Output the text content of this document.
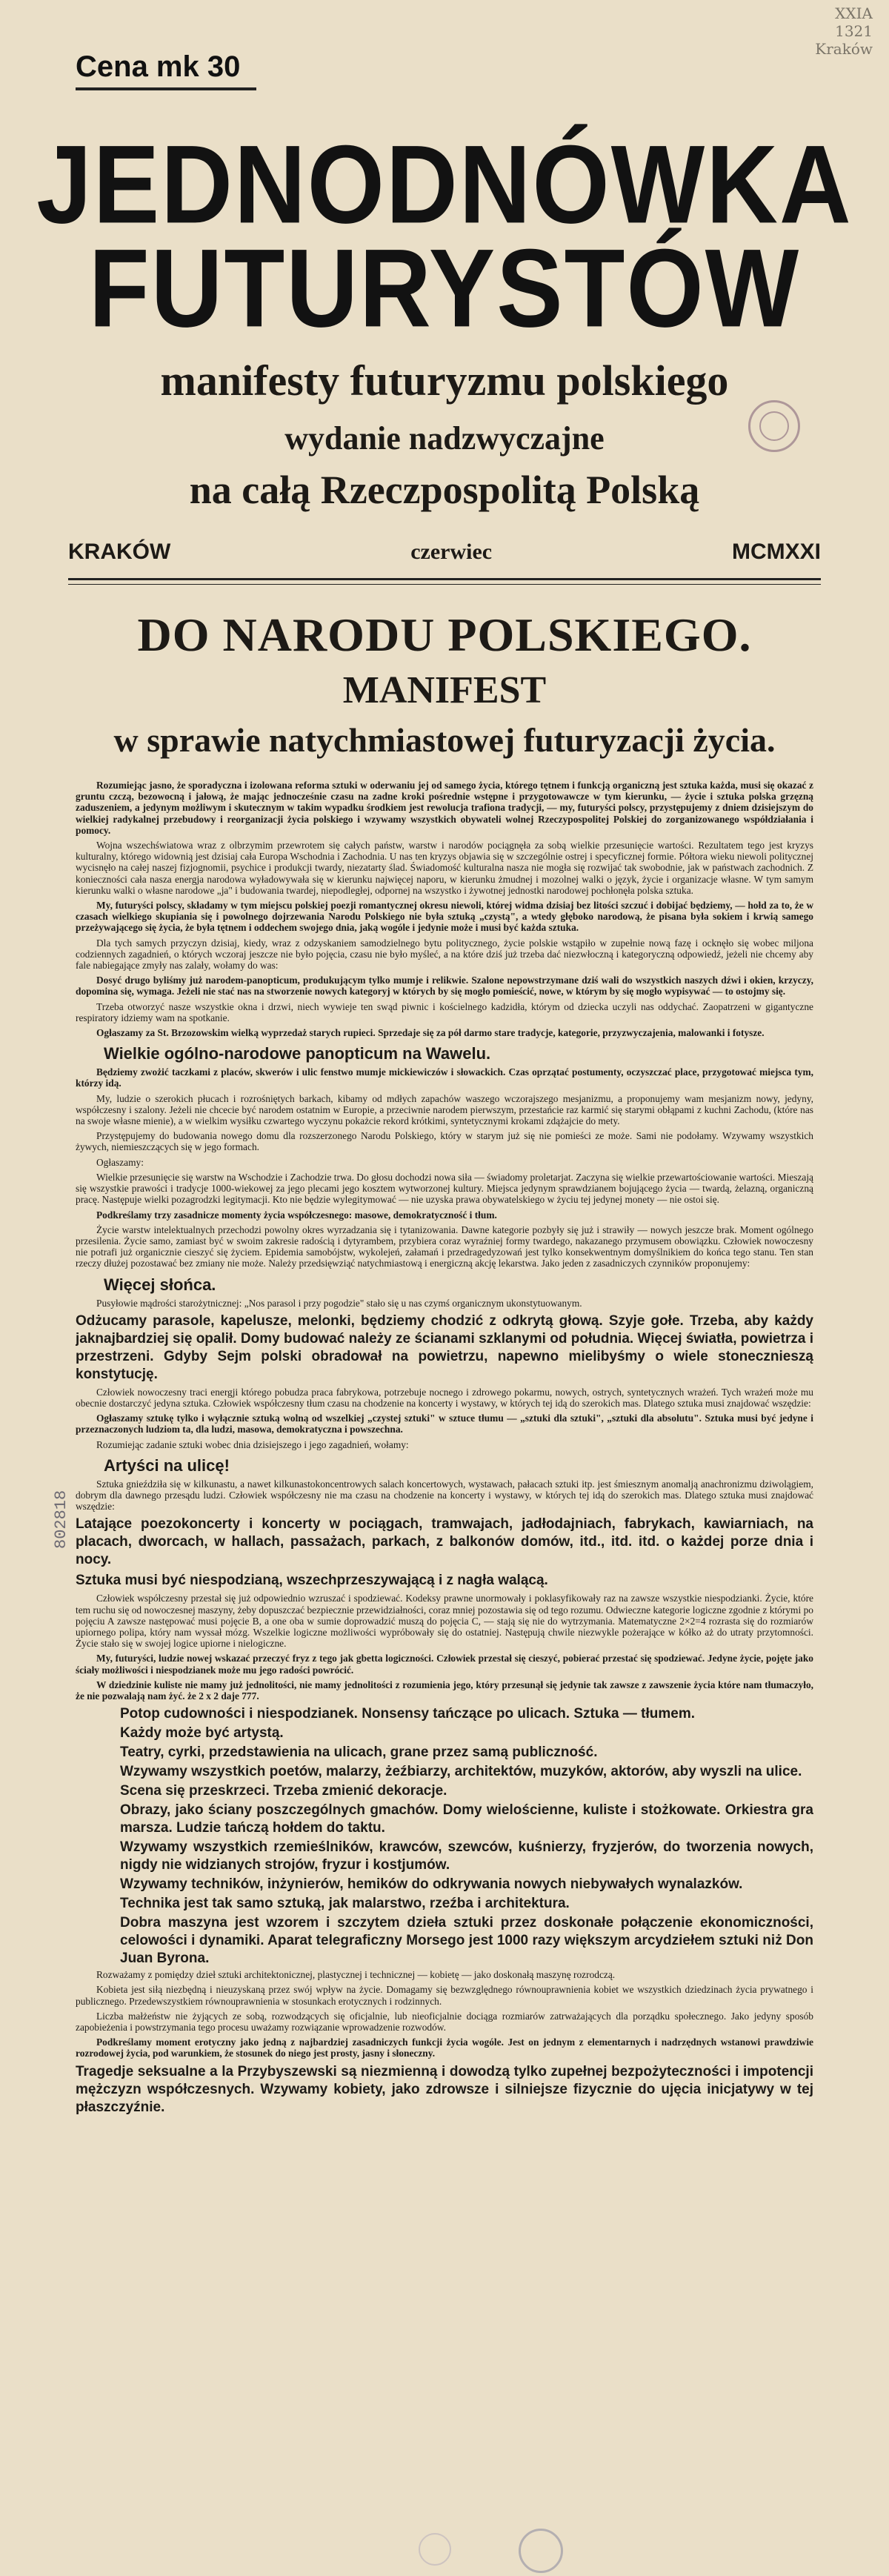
XXIA
1321
Kraków
Cena mk 30
JEDNODNÓWKA
FUTURYSTÓW
manifesty futuryzmu polskiego
wydanie nadzwyczajne
na całą Rzeczpospolitą Polską
KRAKÓW	czerwiec	MCMXXI
DO NARODU POLSKIEGO.
MANIFEST
w sprawie natychmiastowej futuryzacji życia.

Rozumiejąc jasno, że sporadyczna i izolowana reforma sztuki w oderwaniu jej od samego życia, którego tętnem i funkcją organiczną jest sztuka każda, musi się okazać z gruntu czczą, bezowocną i jałową, że mając jednocześnie czasu na zadne kroki pośrednie wstępne i przygotowawcze w tym kierunku, — życie i sztuka polska grzęzną zaduszeniem, a jedynym możliwym i skutecznym w takim wypadku środkiem jest rewolucja trafiona tradycji, — my, futuryści polscy, przystępujemy z dniem dzisiejszym do wielkiej radykalnej przebudowy i reorganizacji życia polskiego i wzywamy wszystkich obywateli wolnej Rzeczypospolitej Polskiej do zorganizowanego współdziałania i pomocy.

Wojna wszechświatowa wraz z olbrzymim przewrotem się całych państw, warstw i narodów pociągnęła za sobą wielkie przesunięcie wartości. Rezultatem tego jest kryzys kulturalny, którego widownią jest dzisiaj cała Europa Wschodnia i Zachodnia. U nas ten kryzys objawia się w szczególnie ostrej i specyficznej formie. Półtora wieku niewoli politycznej wycisnęło na całej naszej fizjognomii, psychice i produkcji twardy, niezatarty ślad. Świadomość kulturalna nasza nie mogła się rozwijać tak swobodnie, jak w państwach zachodnich. Z konieczności cała nasza energja narodowa wyładowywała się w kierunku najwięcej naporu, w kierunku żmudnej i mozolnej walki o język, życie i organizacje własne. W tym samym kierunku walki o własne narodowe „ja" i budowania twardej, niepodległej, odpornej na wszystko i żywotnej jednostki narodowej pochłonęła polska sztuka.

My, futuryści polscy, składamy w tym miejscu polskiej poezji romantycznej okresu niewoli, której widma dzisiaj bez litości szczuć i dobijać będziemy, — hołd za to, że w czasach wielkiego skupiania się i powolnego dojrzewania Narodu Polskiego nie była sztuką „czystą", a wtedy głęboko narodową, że pisana była sokiem i krwią samego przeżywającego się życia, że była tętnem i oddechem swojego dnia, jaką wogóle i jedynie może i musi być każda sztuka.

Dla tych samych przyczyn dzisiaj, kiedy, wraz z odzyskaniem samodzielnego bytu politycznego, życie polskie wstąpiło w zupełnie nową fazę i ocknęło się wobec miljona codziennych zagadnień, o których wczoraj jeszcze nie było pojęcia, czasu nie było myśleć, a na które dziś już trzeba dać niezwłoczną i kategoryczną odpowiedź, jeżeli nie chcemy aby fale nabiegające zmyły nas zalały, wołamy do was:

Dosyć drugo byliśmy już narodem-panopticum, produkującym tylko mumje i relikwie. Szalone nepowstrzymane dziś wali do wszystkich naszych dźwi i okien, krzyczy, dopomina się, wymaga. Jeżeli nie stać nas na stworzenie nowych kategoryj w których by się mogło pomieścić, nowe, w którym by się mogło wypisywać — to ostojmy się.

Trzeba otworzyć nasze wszystkie okna i drzwi, niech wywieje ten swąd piwnic i kościelnego kadzidła, którym od dziecka uczyli nas oddychać. Zaopatrzeni w gigantyczne respiratory idziemy wam na spotkanie.

Ogłaszamy za St. Brzozowskim wielką wyprzedaż starych rupieci. Sprzedaje się za pół darmo stare tradycje, kategorie, przyzwyczajenia, malowanki i fotysze.

Wielkie ogólno-narodowe panopticum na Wawelu.

Będziemy zwożić taczkami z placów, skwerów i ulic fenstwo mumje mickiewiczów i słowackich. Czas oprzątać postumenty, oczyszczać place, przygotować miejsca tym, którzy idą.

My, ludzie o szerokich płucach i rozrośniętych barkach, kibamy od mdłych zapachów waszego wczorajszego mesjanizmu, a proponujemy wam mesjanizm nowy, jedyny, współczesny i szalony. Jeżeli nie chcecie być narodem ostatnim w Europie, a przeciwnie narodem pierwszym, przestańcie raz karmić się starymi obłąpami z kuchni Zachodu, (które nas na swoje własne mienie), a w wielkim wysiłku czwartego wyczynu pokażcie rekord krótkimi, syntetycznymi krokami zdążajcie do mety.

Przystępujemy do budowania nowego domu dla rozszerzonego Narodu Polskiego, który w starym już się nie pomieści ze może. Sami nie podołamy. Wzywamy wszystkich żywych, niemieszczących się w jego formach.

Ogłaszamy:

Wielkie przesunięcie się warstw na Wschodzie i Zachodzie trwa. Do głosu dochodzi nowa siła — świadomy proletarjat. Zaczyna się wielkie przewartościowanie wartości. Mieszają się wszystkie prawości i tradycje 1000-wiekowej za jego plecami jego kosztem wytworzonej kultury. Miejsca jedynym sprawdzianem bojującego życia — twardą, żelazną, organiczną pracę. Następuje wielki pozagrodzki legitymacji. Kto nie będzie wylegitymować — nie uzyska prawa obywatelskiego w życiu tej jedynej monety — nie ostoi się.

Podkreślamy trzy zasadnicze momenty życia współczesnego: masowe, demokratyczność i tłum.

Życie warstw intelektualnych przechodzi powolny okres wyrzadzania się i tytanizowania. Dawne kategorie pozbyły się już i strawiły — nowych jeszcze brak. Moment ogólnego przesilenia. Życie samo, zamiast być w swoim zakresie radością i dytyrambem, przybiera coraz wyraźniej formy twardego, nakazanego przymusem obowiązku. Człowiek nowoczesny nie potrafi już organicznie cieszyć się życiem. Epidemia samobójstw, wykolejeń, załamań i przedragedyzowań jest tylko konsekwentnym domyślnikiem do końca tego stanu. Ten stan rzeczy dłużej pozostawać bez zmiany nie może. Należy przedsięwziąć natychmiastową i energiczną akcję lekarstwa. Jako jeden z zasadniczych czynników proponujemy:

Więcej słońca.

Pusyłowie mądrości starożytnicznej: „Nos parasol i przy pogodzie" stało się u nas czymś organicznym ukonstytuowanym.

Odżucamy parasole, kapelusze, melonki, będziemy chodzić z odkrytą głową. Szyje gołe. Trzeba, aby każdy jaknajbardziej się opalił. Domy budować należy ze ścianami szklanymi od południa. Więcej światła, powietrza i przestrzeni. Gdyby Sejm polski obradował na powietrzu, napewno mielibyśmy o wiele stonecznieszą konstytucję.

Człowiek nowoczesny traci energji którego pobudza praca fabrykowa, potrzebuje nocnego i zdrowego pokarmu, nowych, ostrych, syntetycznych wrażeń. Tych wrażeń może mu obecnie dostarczyć jedyna sztuka. Człowiek współczesny tłum czasu na chodzenie na koncerty i wystawy, w których tej idą do szerokich mas. Dlatego sztuka musi znajdować wszędzie:

Ogłaszamy sztukę tylko i wyłącznie sztuką wolną od wszelkiej „czystej sztuki" w sztuce tłumu — „sztuki dla sztuki", „sztuki dla absolutu". Sztuka musi być jedyne i przeznaczonych ludziom ta, dla ludzi, masowa, demokratyczna i powszechna.

Rozumiejąc zadanie sztuki wobec dnia dzisiejszego i jego zagadnień, wołamy:

Artyści na ulicę!

Sztuka gnieździła się w kilkunastu, a nawet kilkunastokoncentrowych salach koncertowych, wystawach, pałacach sztuki itp. jest śmiesznym anomalją anachronizmu dziwolągiem, dobrym dla dawnego przesądu ludzi. Człowiek współczesny nie ma czasu na chodzenie na koncerty i wystawy, w których tej idą do szerokich mas. Dlatego sztuka musi znajdować wszędzie:

Latające poezokoncerty i koncerty w pociągach, tramwajach, jadłodajniach, fabrykach, kawiarniach, na placach, dworcach, w hallach, passażach, parkach, z balkonów domów, itd., itd. itd. o każdej porze dnia i nocy.

Sztuka musi być niespodzianą, wszechprzeszywającą i z nagła walącą.

Człowiek współczesny przestał się już odpowiednio wzruszać i spodziewać. Kodeksy prawne unormowały i poklasyfikowały raz na zawsze wszystkie niespodzianki. Życie, które tem ruchu się od nowoczesnej maszyny, żeby dopuszczać bezpiecznie przewidziałności, coraz mniej pozostawia się od tego rozumu. Odwieczne kategorie logiczne zgodnie z którymi po pojęciu A zawsze następować musi pojęcie B, a one oba w sumie doprowadzić muszą do pojęcia C, — stają się nie do wytrzymania. Matematyczne 2×2=4 rozrasta się do rozmiarów upiornego polipa, który nam wyssał mózg. Wszelkie logiczne możliwości wypróbowały się do ostatniej. Następują chwile niezwykle pożerające w kółko aż do utraty przytomności. Życie stało się w swojej logice upiorne i nielogiczne.

My, futuryści, ludzie nowej wskazać przeczyć fryz z tego jak gbetta logiczności. Człowiek przestał się cieszyć, pobierać przestać się spodziewać. Jedyne życie, pojęte jako ściały możliwości i niespodzianek może mu jego radości powrócić.

W dziedzinie kuliste nie mamy już jednolitości, nie mamy jednolitości z rozumienia jego, który przesunął się jedynie tak zawsze z zawszenie życia które nam tłumaczyło, że nie pozwalają nam żyć. że 2 x 2 daje 777.

Potop cudowności i niespodzianek. Nonsensy tańczące po ulicach. Sztuka — tłumem.

Każdy może być artystą.

Teatry, cyrki, przedstawienia na ulicach, grane przez samą publiczność.

Wzywamy wszystkich poetów, malarzy, żeźbiarzy, architektów, muzyków, aktorów, aby wyszli na ulice.

Scena się przeskrzeci. Trzeba zmienić dekoracje.

Obrazy, jako ściany poszczególnych gmachów. Domy wielościenne, kuliste i stożkowate. Orkiestra gra marsza. Ludzie tańczą hołdem do taktu.

Wzywamy wszystkich rzemieślników, krawców, szewców, kuśnierzy, fryzjerów, do tworzenia nowych, nigdy nie widzianych strojów, fryzur i kostjumów.

Wzywamy techników, inżynierów, hemików do odkrywania nowych niebywałych wynalazków.

Technika jest tak samo sztuką, jak malarstwo, rzeźba i architektura.

Dobra maszyna jest wzorem i szczytem dzieła sztuki przez doskonałe połączenie ekonomiczności, celowości i dynamiki. Aparat telegraficzny Morsego jest 1000 razy większym arcydziełem sztuki niż Don Juan Byrona.

Rozważamy z pomiędzy dzieł sztuki architektonicznej, plastycznej i technicznej — kobietę — jako doskonałą maszynę rozrodczą.

Kobieta jest siłą niezbędną i nieuzyskaną przez swój wpływ na życie. Domagamy się bezwzględnego równouprawnienia kobiet we wszystkich dziedzinach życia prywatnego i publicznego. Przedewszystkiem równouprawnienia w stosunkach erotycznych i rodzinnych.

Liczba małżeństw nie żyjących ze sobą, rozwodzących się oficjalnie, lub nieoficjalnie dociąga rozmiarów zatrważających dla porządku społecznego. Jako jedyny sposób zapobieżenia i powstrzymania tego procesu uważamy rozwiązanie wprowadzenie rozwodów.

Podkreślamy moment erotyczny jako jedną z najbardziej zasadniczych funkcji życia wogóle. Jest on jednym z elementarnych i nadrzędnych wstanowi prawdziwie rozrodowej życia, pod warunkiem, że stosunek do niego jest prosty, jasny i słoneczny.

Tragedje seksualne a la Przybyszewski są niezmienną i dowodzą tylko zupełnej bezpożyteczności i impotencji mężczyzn współczesnych. Wzywamy kobiety, jako zdrowsze i silniejsze fizycznie do ujęcia inicjatywy w tej płaszczyźnie.

802818
